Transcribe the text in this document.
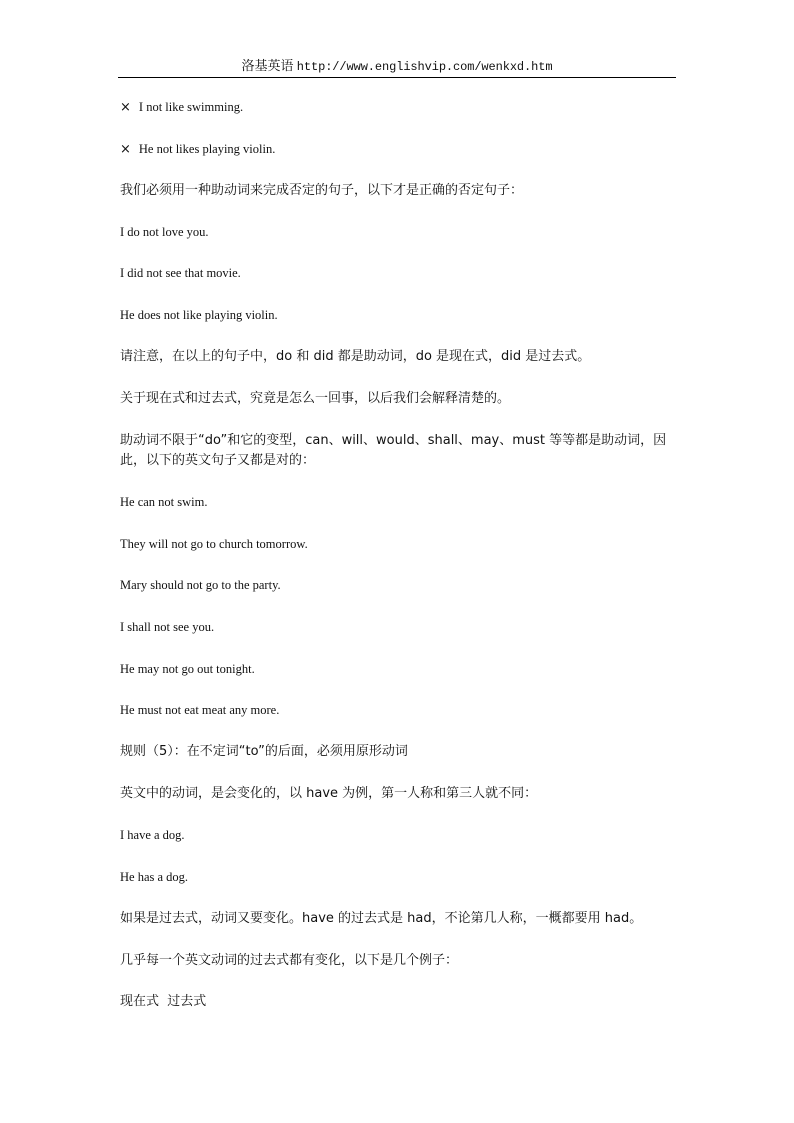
洛基英语 http://www.englishvip.com/wenkxd.htm

× I not like swimming.

× He not likes playing violin.

我们必须用一种助动词来完成否定的句子，以下才是正确的否定句子：

I do not love you.

I did not see that movie.

He does not like playing violin.

请注意，在以上的句子中，do 和 did 都是助动词，do 是现在式，did 是过去式。

关于现在式和过去式，究竟是怎么一回事，以后我们会解释清楚的。

助动词不限于“do”和它的变型，can、will、would、shall、may、must 等等都是助动词，因此，以下的英文句子又都是对的：

He can not swim.

They will not go to church tomorrow.

Mary should not go to the party.

I shall not see you.

He may not go out tonight.

He must not eat meat any more.

规则（5）：在不定词“to”的后面，必须用原形动词

英文中的动词，是会变化的，以 have 为例，第一人称和第三人就不同：

I have a dog.

He has a dog.

如果是过去式，动词又要变化。have 的过去式是 had，不论第几人称，一概都要用 had。

几乎每一个英文动词的过去式都有变化，以下是几个例子：

现在式  过去式
